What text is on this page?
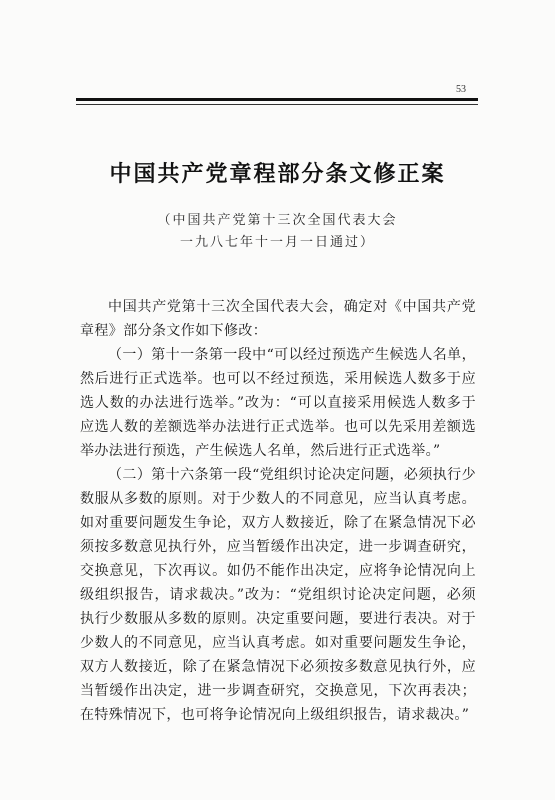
53
中国共产党章程部分条文修正案
（中国共产党第十三次全国代表大会
一九八七年十一月一日通过）

中国共产党第十三次全国代表大会，确定对《中国共产党章程》部分条文作如下修改：

（一）第十一条第一段中“可以经过预选产生候选人名单，然后进行正式选举。也可以不经过预选，采用候选人数多于应选人数的办法进行选举。”改为：“可以直接采用候选人数多于应选人数的差额选举办法进行正式选举。也可以先采用差额选举办法进行预选，产生候选人名单，然后进行正式选举。”

（二）第十六条第一段“党组织讨论决定问题，必须执行少数服从多数的原则。对于少数人的不同意见，应当认真考虑。如对重要问题发生争论，双方人数接近，除了在紧急情况下必须按多数意见执行外，应当暂缓作出决定，进一步调查研究，交换意见，下次再议。如仍不能作出决定，应将争论情况向上级组织报告，请求裁决。”改为：“党组织讨论决定问题，必须执行少数服从多数的原则。决定重要问题，要进行表决。对于少数人的不同意见，应当认真考虑。如对重要问题发生争论，双方人数接近，除了在紧急情况下必须按多数意见执行外，应当暂缓作出决定，进一步调查研究，交换意见，下次再表决；在特殊情况下，也可将争论情况向上级组织报告，请求裁决。”
